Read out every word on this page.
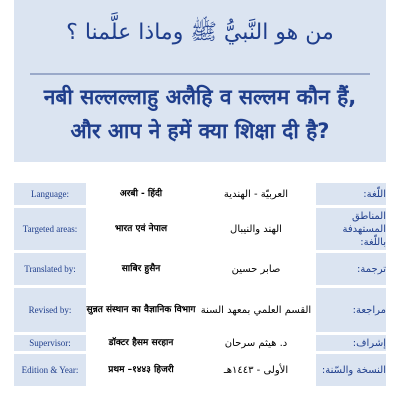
من هو النَّبيُّ ﷺ وماذا علَّمنا ؟
नबी सल्लल्लाहु अलैहि व सल्लम कौन हैं,
और आप ने हमें क्या शिक्षा दी है?
Language:	अरबी - हिंदी	العربيّة - الهندية	اللّغة:
Targeted areas:	भारत एवं नेपाल	الهند والنيبال	المناطق المستهدفة باللّغة:
Translated by:	साबिर हुसैन	صابر حسين	ترجمة:
Revised by:	सुन्नत संस्थान का वैज्ञानिक विभाग	القسم العلمي بمعهد السنة	مراجعة:
Supervisor:	डॉक्टर हैसम सरहान	د. هيثم سرحان	إشراف:
Edition & Year:	प्रथम –१४४३ हिजरी	الأولى - ١٤٤٣هـ	النسخة والسّنة:
